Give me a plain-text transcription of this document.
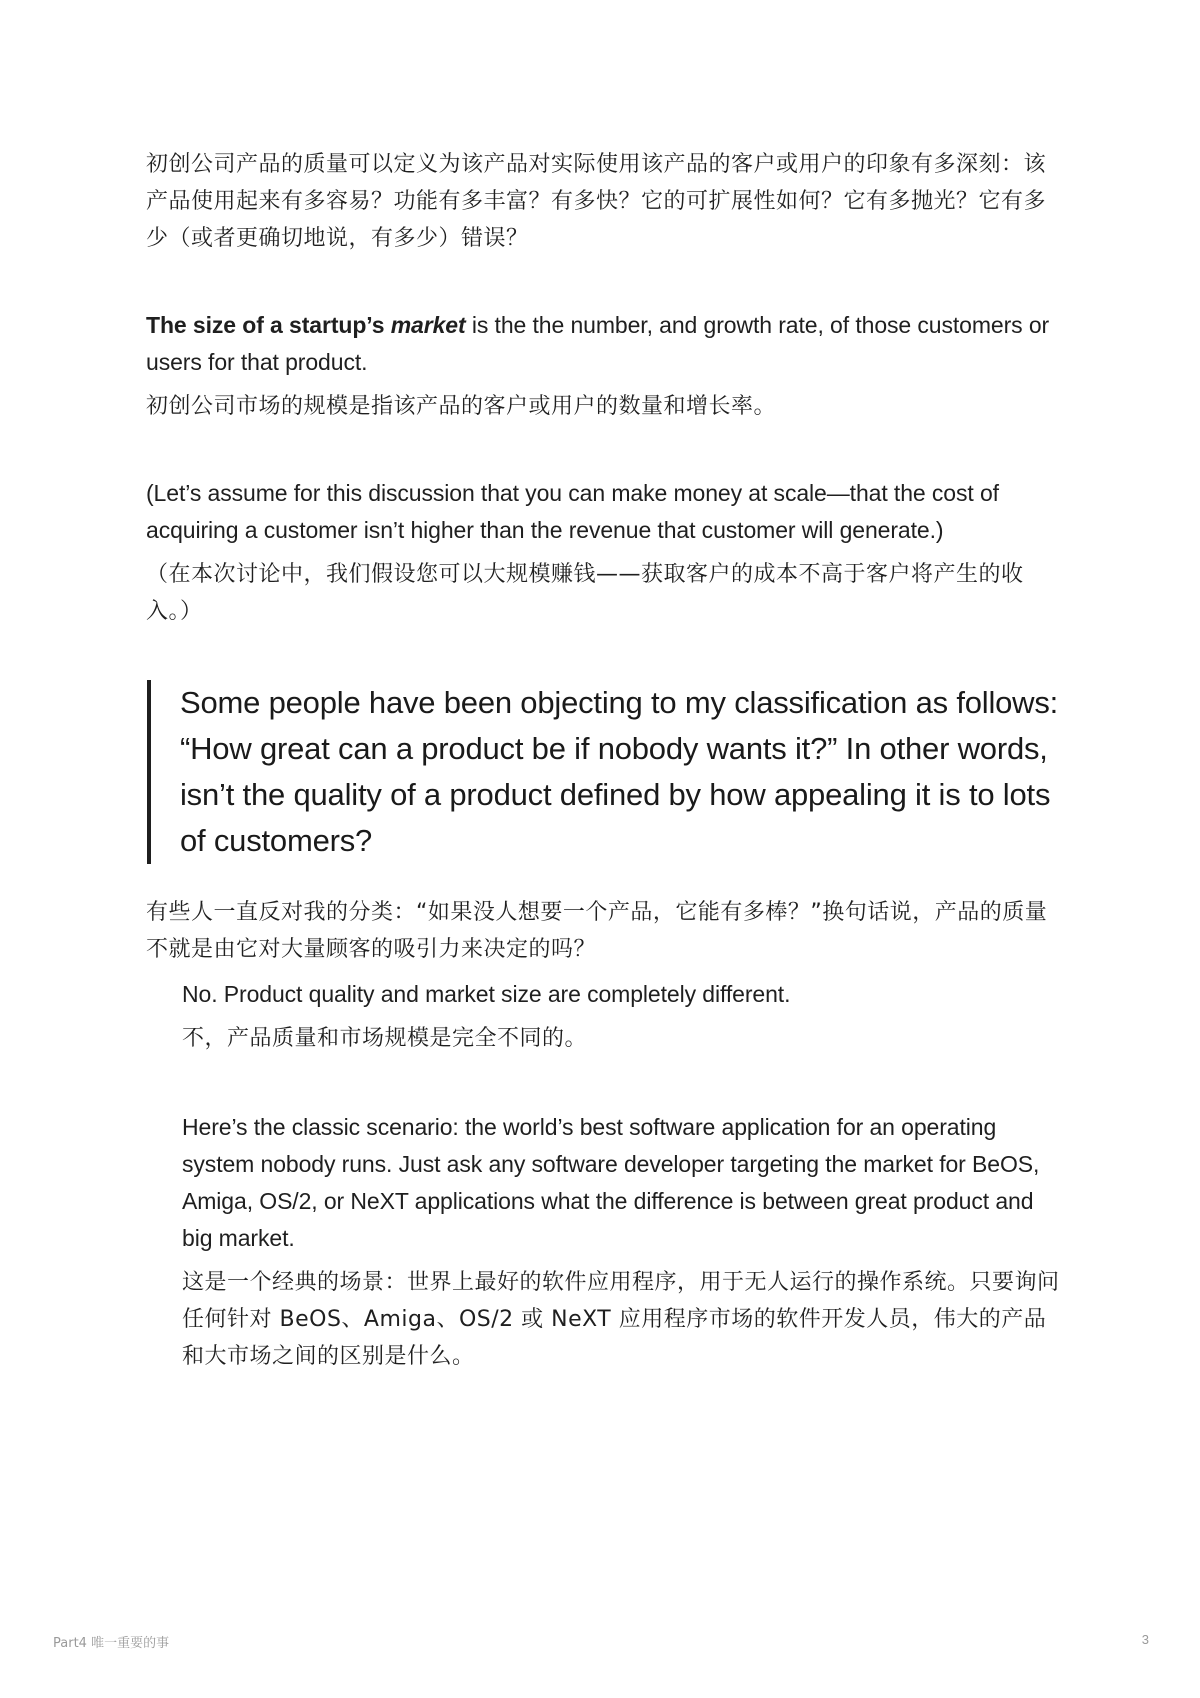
初创公司产品的质量可以定义为该产品对实际使用该产品的客户或用户的印象有多深刻：该产品使用起来有多容易？功能有多丰富？有多快？它的可扩展性如何？它有多抛光？它有多少（或者更确切地说，有多少）错误？

The size of a startup’s market is the the number, and growth rate, of those customers or users for that product.

初创公司市场的规模是指该产品的客户或用户的数量和增长率。

(Let’s assume for this discussion that you can make money at scale—that the cost of acquiring a customer isn’t higher than the revenue that customer will generate.)

（在本次讨论中，我们假设您可以大规模赚钱——获取客户的成本不高于客户将产生的收入。）

Some people have been objecting to my classification as follows: “How great can a product be if nobody wants it?” In other words, isn’t the quality of a product defined by how appealing it is to lots of customers?

有些人一直反对我的分类：“如果没人想要一个产品，它能有多棒？”换句话说，产品的质量不就是由它对大量顾客的吸引力来决定的吗？

No. Product quality and market size are completely different.

不，产品质量和市场规模是完全不同的。

Here’s the classic scenario: the world’s best software application for an operating system nobody runs. Just ask any software developer targeting the market for BeOS, Amiga, OS/2, or NeXT applications what the difference is between great product and big market.

这是一个经典的场景：世界上最好的软件应用程序，用于无人运行的操作系统。只要询问任何针对 BeOS、Amiga、OS/2 或 NeXT 应用程序市场的软件开发人员，伟大的产品和大市场之间的区别是什么。

Part4 唯一重要的事	3
